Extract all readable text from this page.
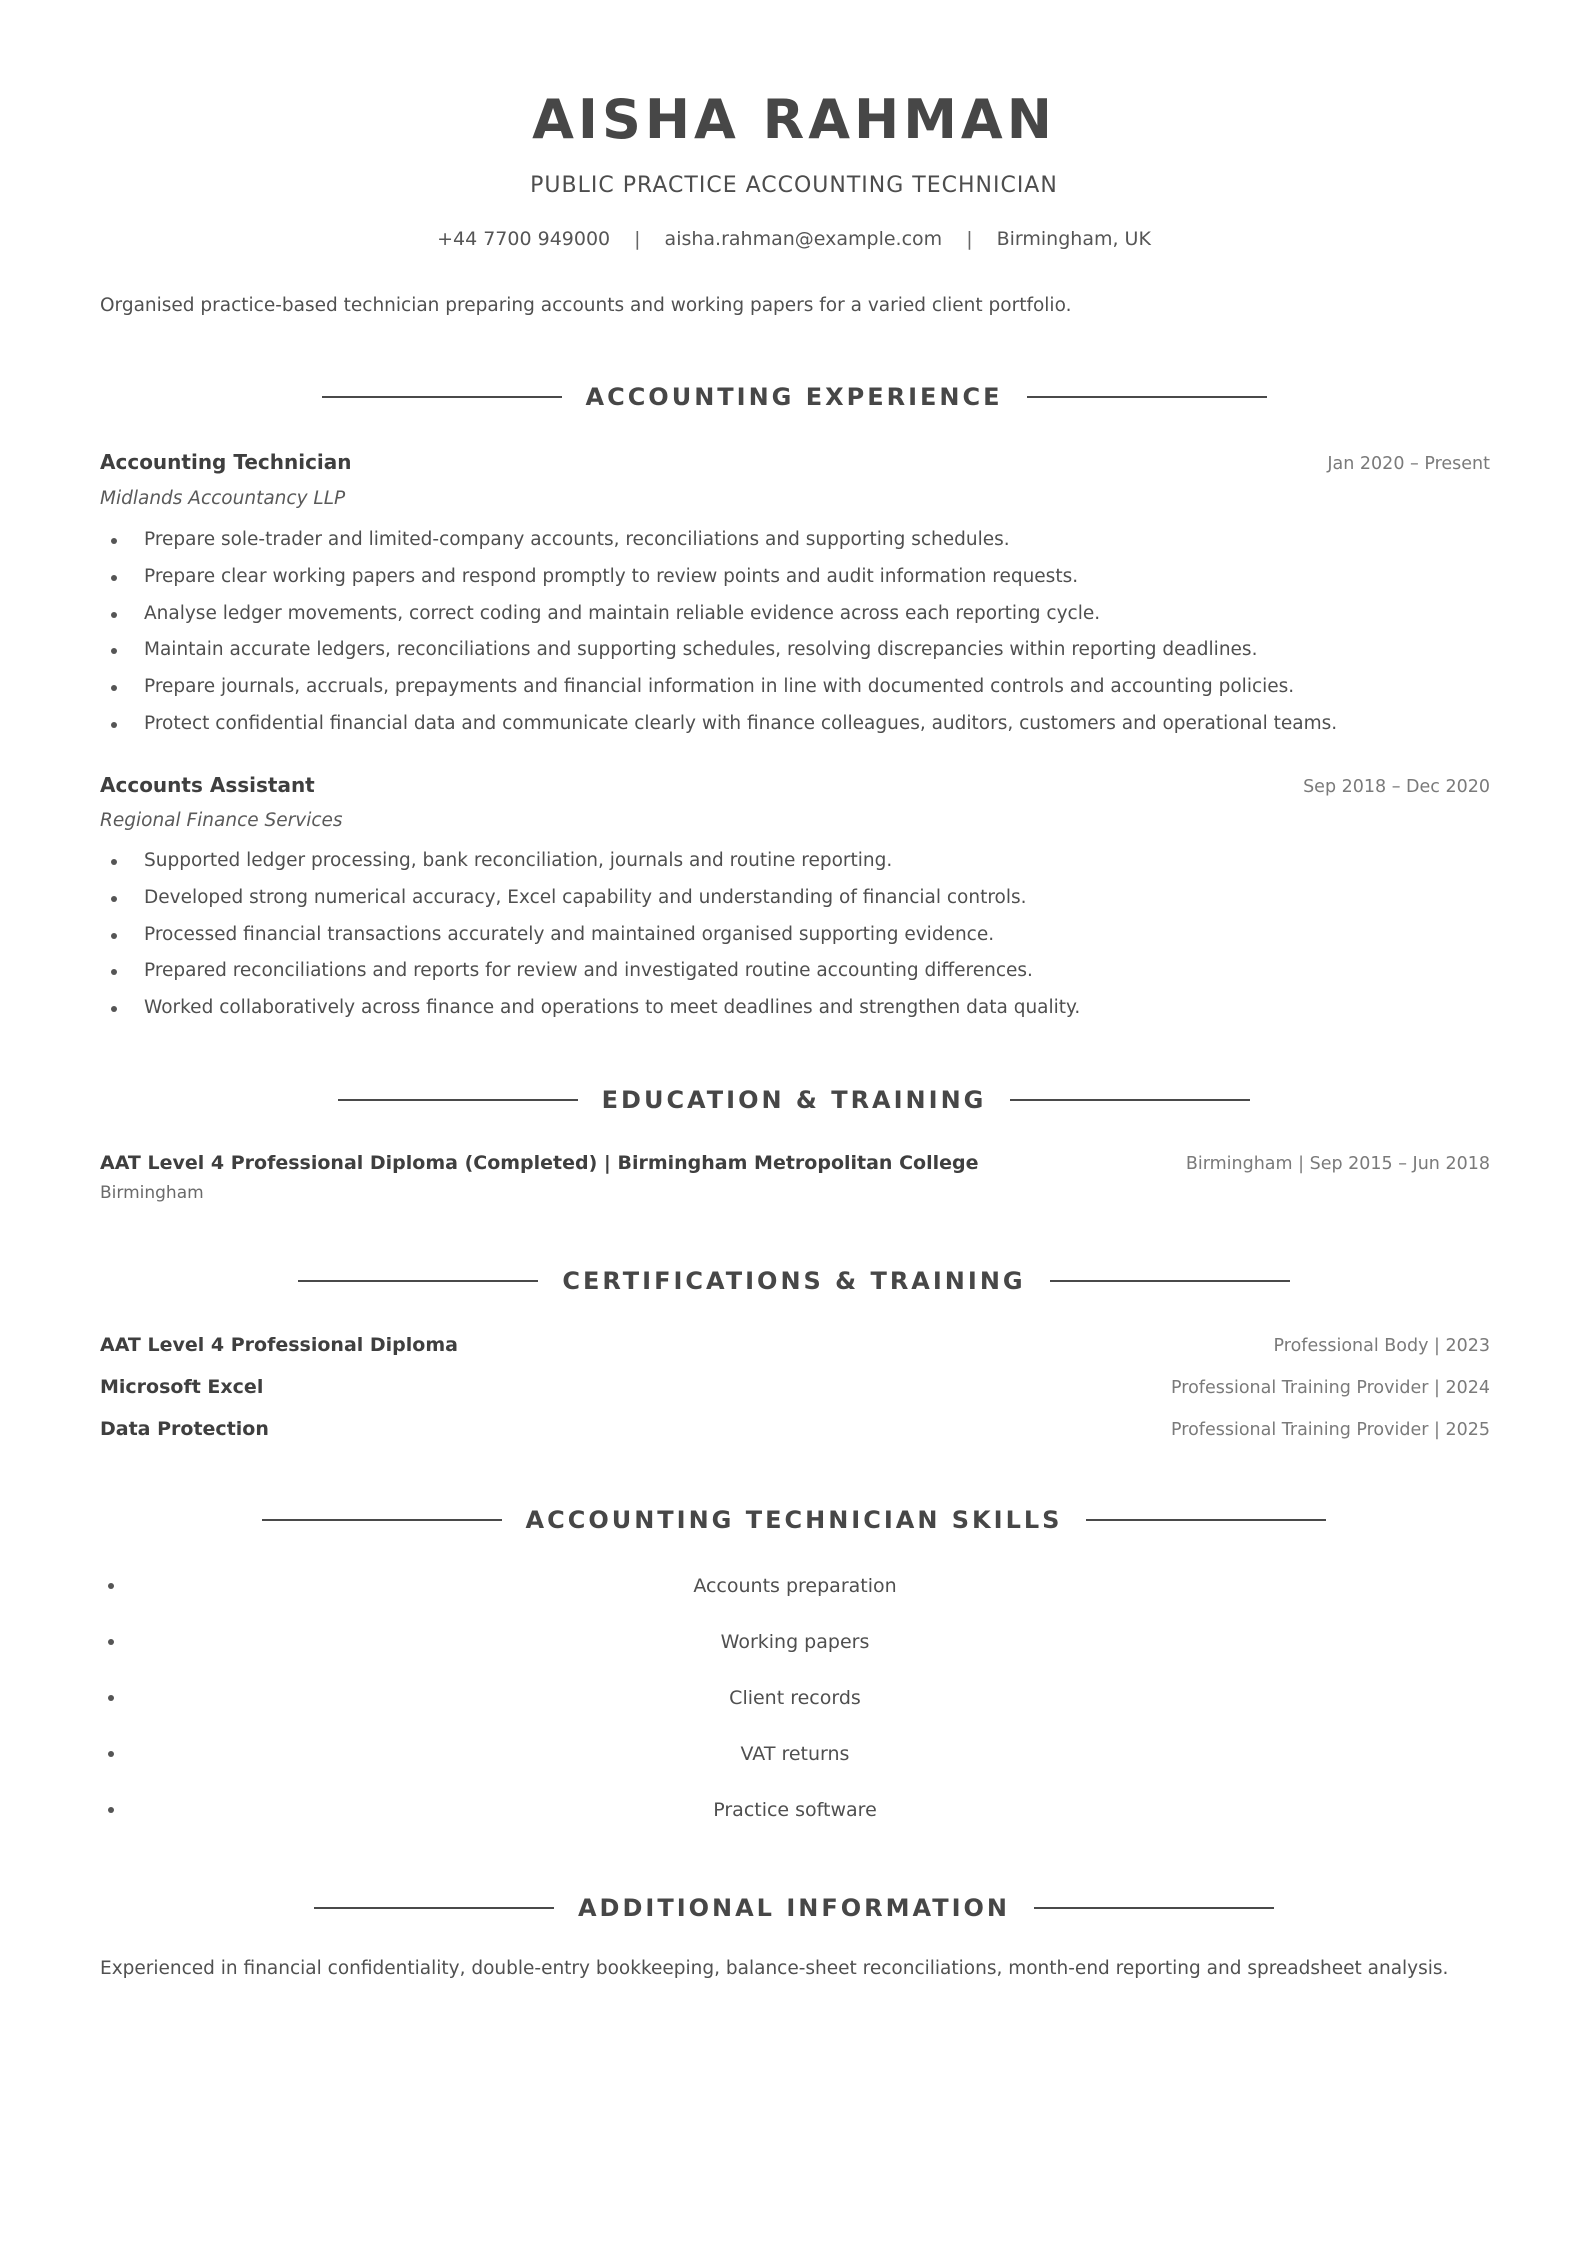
AISHA RAHMAN
PUBLIC PRACTICE ACCOUNTING TECHNICIAN
+44 7700 949000 | aisha.rahman@example.com | Birmingham, UK
Organised practice-based technician preparing accounts and working papers for a varied client portfolio.
ACCOUNTING EXPERIENCE
Accounting Technician	Jan 2020 – Present
Midlands Accountancy LLP
Prepare sole-trader and limited-company accounts, reconciliations and supporting schedules.
Prepare clear working papers and respond promptly to review points and audit information requests.
Analyse ledger movements, correct coding and maintain reliable evidence across each reporting cycle.
Maintain accurate ledgers, reconciliations and supporting schedules, resolving discrepancies within reporting deadlines.
Prepare journals, accruals, prepayments and financial information in line with documented controls and accounting policies.
Protect confidential financial data and communicate clearly with finance colleagues, auditors, customers and operational teams.
Accounts Assistant	Sep 2018 – Dec 2020
Regional Finance Services
Supported ledger processing, bank reconciliation, journals and routine reporting.
Developed strong numerical accuracy, Excel capability and understanding of financial controls.
Processed financial transactions accurately and maintained organised supporting evidence.
Prepared reconciliations and reports for review and investigated routine accounting differences.
Worked collaboratively across finance and operations to meet deadlines and strengthen data quality.
EDUCATION & TRAINING
AAT Level 4 Professional Diploma (Completed) | Birmingham Metropolitan College	Birmingham | Sep 2015 – Jun 2018
Birmingham
CERTIFICATIONS & TRAINING
AAT Level 4 Professional Diploma	Professional Body | 2023
Microsoft Excel	Professional Training Provider | 2024
Data Protection	Professional Training Provider | 2025
ACCOUNTING TECHNICIAN SKILLS
Accounts preparation
Working papers
Client records
VAT returns
Practice software
ADDITIONAL INFORMATION
Experienced in financial confidentiality, double-entry bookkeeping, balance-sheet reconciliations, month-end reporting and spreadsheet analysis.
